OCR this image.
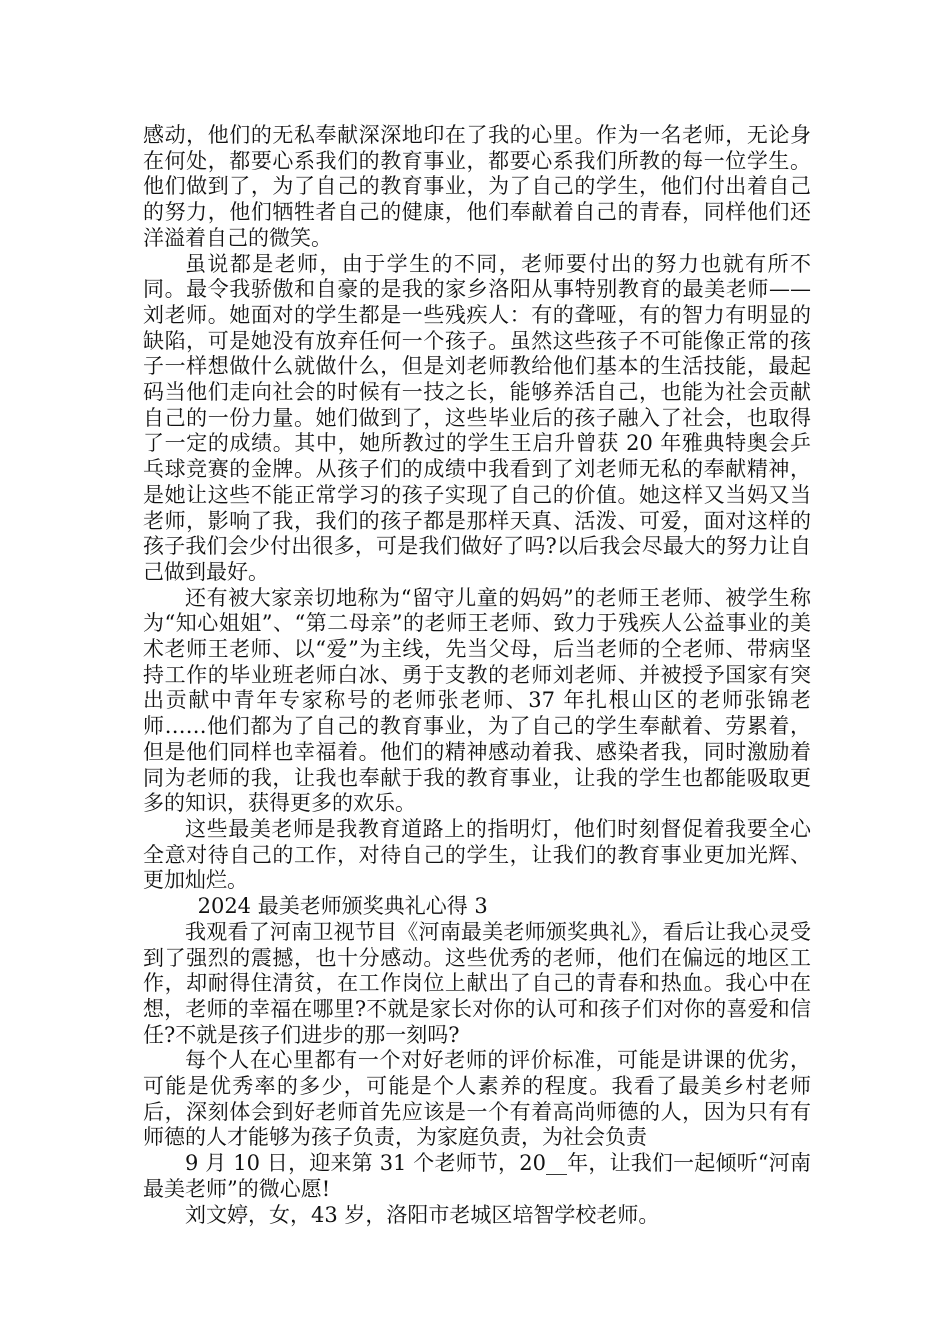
感动，他们的无私奉献深深地印在了我的心里。作为一名老师，无论身在何处，都要心系我们的教育事业，都要心系我们所教的每一位学生。他们做到了，为了自己的教育事业，为了自己的学生，他们付出着自己的努力，他们牺牲者自己的健康，他们奉献着自己的青春，同样他们还洋溢着自己的微笑。

虽说都是老师，由于学生的不同，老师要付出的努力也就有所不同。最令我骄傲和自豪的是我的家乡洛阳从事特别教育的最美老师——刘老师。她面对的学生都是一些残疾人：有的聋哑，有的智力有明显的缺陷，可是她没有放弃任何一个孩子。虽然这些孩子不可能像正常的孩子一样想做什么就做什么，但是刘老师教给他们基本的生活技能，最起码当他们走向社会的时候有一技之长，能够养活自己，也能为社会贡献自己的一份力量。她们做到了，这些毕业后的孩子融入了社会，也取得了一定的成绩。其中，她所教过的学生王启升曾获 20 年雅典特奥会乒乓球竞赛的金牌。从孩子们的成绩中我看到了刘老师无私的奉献精神，是她让这些不能正常学习的孩子实现了自己的价值。她这样又当妈又当老师，影响了我，我们的孩子都是那样天真、活泼、可爱，面对这样的孩子我们会少付出很多，可是我们做好了吗?以后我会尽最大的努力让自己做到最好。

还有被大家亲切地称为“留守儿童的妈妈”的老师王老师、被学生称为“知心姐姐”、“第二母亲”的老师王老师、致力于残疾人公益事业的美术老师王老师、以“爱”为主线，先当父母，后当老师的仝老师、带病坚持工作的毕业班老师白冰、勇于支教的老师刘老师、并被授予国家有突出贡献中青年专家称号的老师张老师、37 年扎根山区的老师张锦老师……他们都为了自己的教育事业，为了自己的学生奉献着、劳累着，但是他们同样也幸福着。他们的精神感动着我、感染者我，同时激励着同为老师的我，让我也奉献于我的教育事业，让我的学生也都能吸取更多的知识，获得更多的欢乐。

这些最美老师是我教育道路上的指明灯，他们时刻督促着我要全心全意对待自己的工作，对待自己的学生，让我们的教育事业更加光辉、更加灿烂。

2024 最美老师颁奖典礼心得 3

我观看了河南卫视节目《河南最美老师颁奖典礼》，看后让我心灵受到了强烈的震撼，也十分感动。这些优秀的老师，他们在偏远的地区工作，却耐得住清贫，在工作岗位上献出了自己的青春和热血。我心中在想，老师的幸福在哪里?不就是家长对你的认可和孩子们对你的喜爱和信任?不就是孩子们进步的那一刻吗?

每个人在心里都有一个对好老师的评价标准，可能是讲课的优劣，可能是优秀率的多少，可能是个人素养的程度。我看了最美乡村老师后，深刻体会到好老师首先应该是一个有着高尚师德的人，因为只有有师德的人才能够为孩子负责，为家庭负责，为社会负责

9 月 10 日，迎来第 31 个老师节，20__年，让我们一起倾听“河南最美老师”的微心愿!

刘文婷，女，43 岁，洛阳市老城区培智学校老师。
